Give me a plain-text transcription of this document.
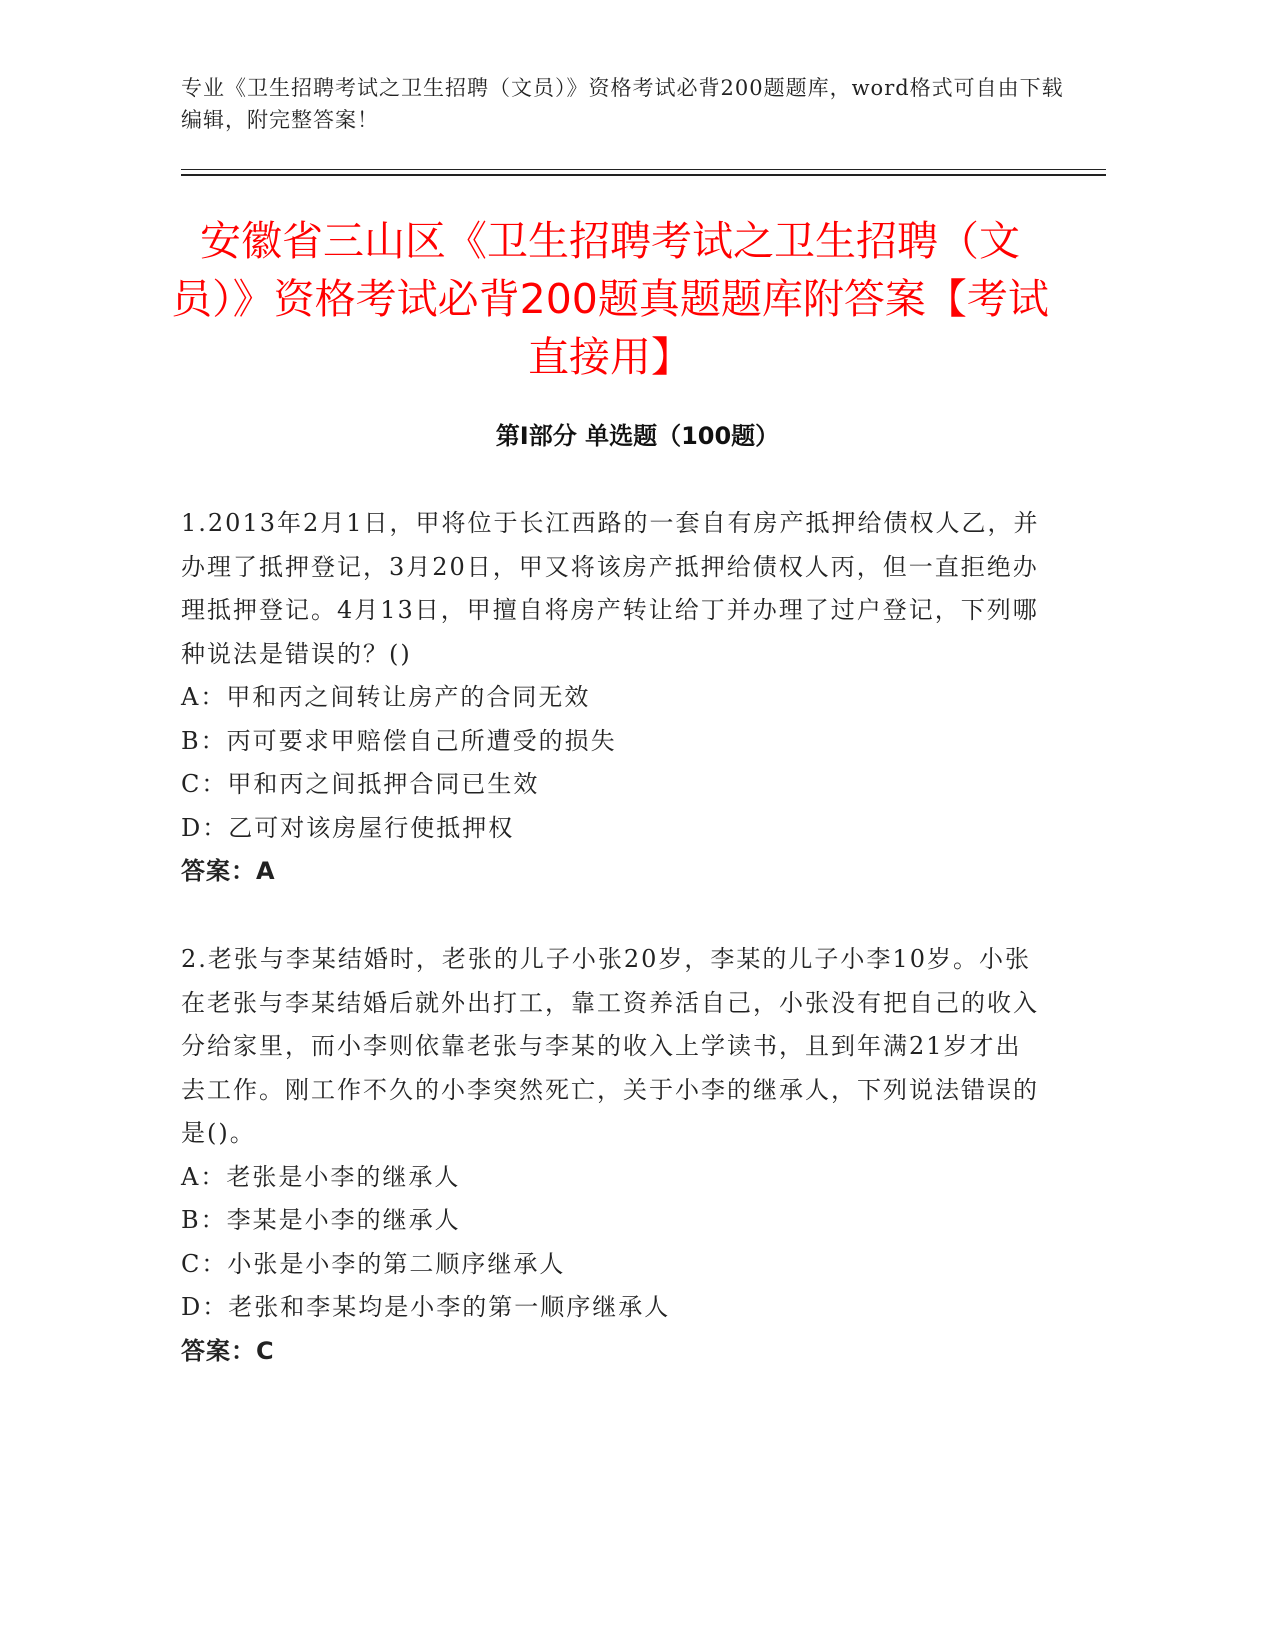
专业《卫生招聘考试之卫生招聘（文员）》资格考试必背200题题库，word格式可自由下载编辑，附完整答案！
安徽省三山区《卫生招聘考试之卫生招聘（文员）》资格考试必背200题真题题库附答案【考试直接用】
第I部分 单选题（100题）

1.2013年2月1日，甲将位于长江西路的一套自有房产抵押给债权人乙，并办理了抵押登记，3月20日，甲又将该房产抵押给债权人丙，但一直拒绝办理抵押登记。4月13日，甲擅自将房产转让给丁并办理了过户登记，下列哪种说法是错误的？()

A：甲和丙之间转让房产的合同无效

B：丙可要求甲赔偿自己所遭受的损失

C：甲和丙之间抵押合同已生效

D：乙可对该房屋行使抵押权

答案：A

2.老张与李某结婚时，老张的儿子小张20岁，李某的儿子小李10岁。小张在老张与李某结婚后就外出打工，靠工资养活自己，小张没有把自己的收入分给家里，而小李则依靠老张与李某的收入上学读书，且到年满21岁才出去工作。刚工作不久的小李突然死亡，关于小李的继承人，下列说法错误的是()。

A：老张是小李的继承人

B：李某是小李的继承人

C：小张是小李的第二顺序继承人

D：老张和李某均是小李的第一顺序继承人

答案：C
